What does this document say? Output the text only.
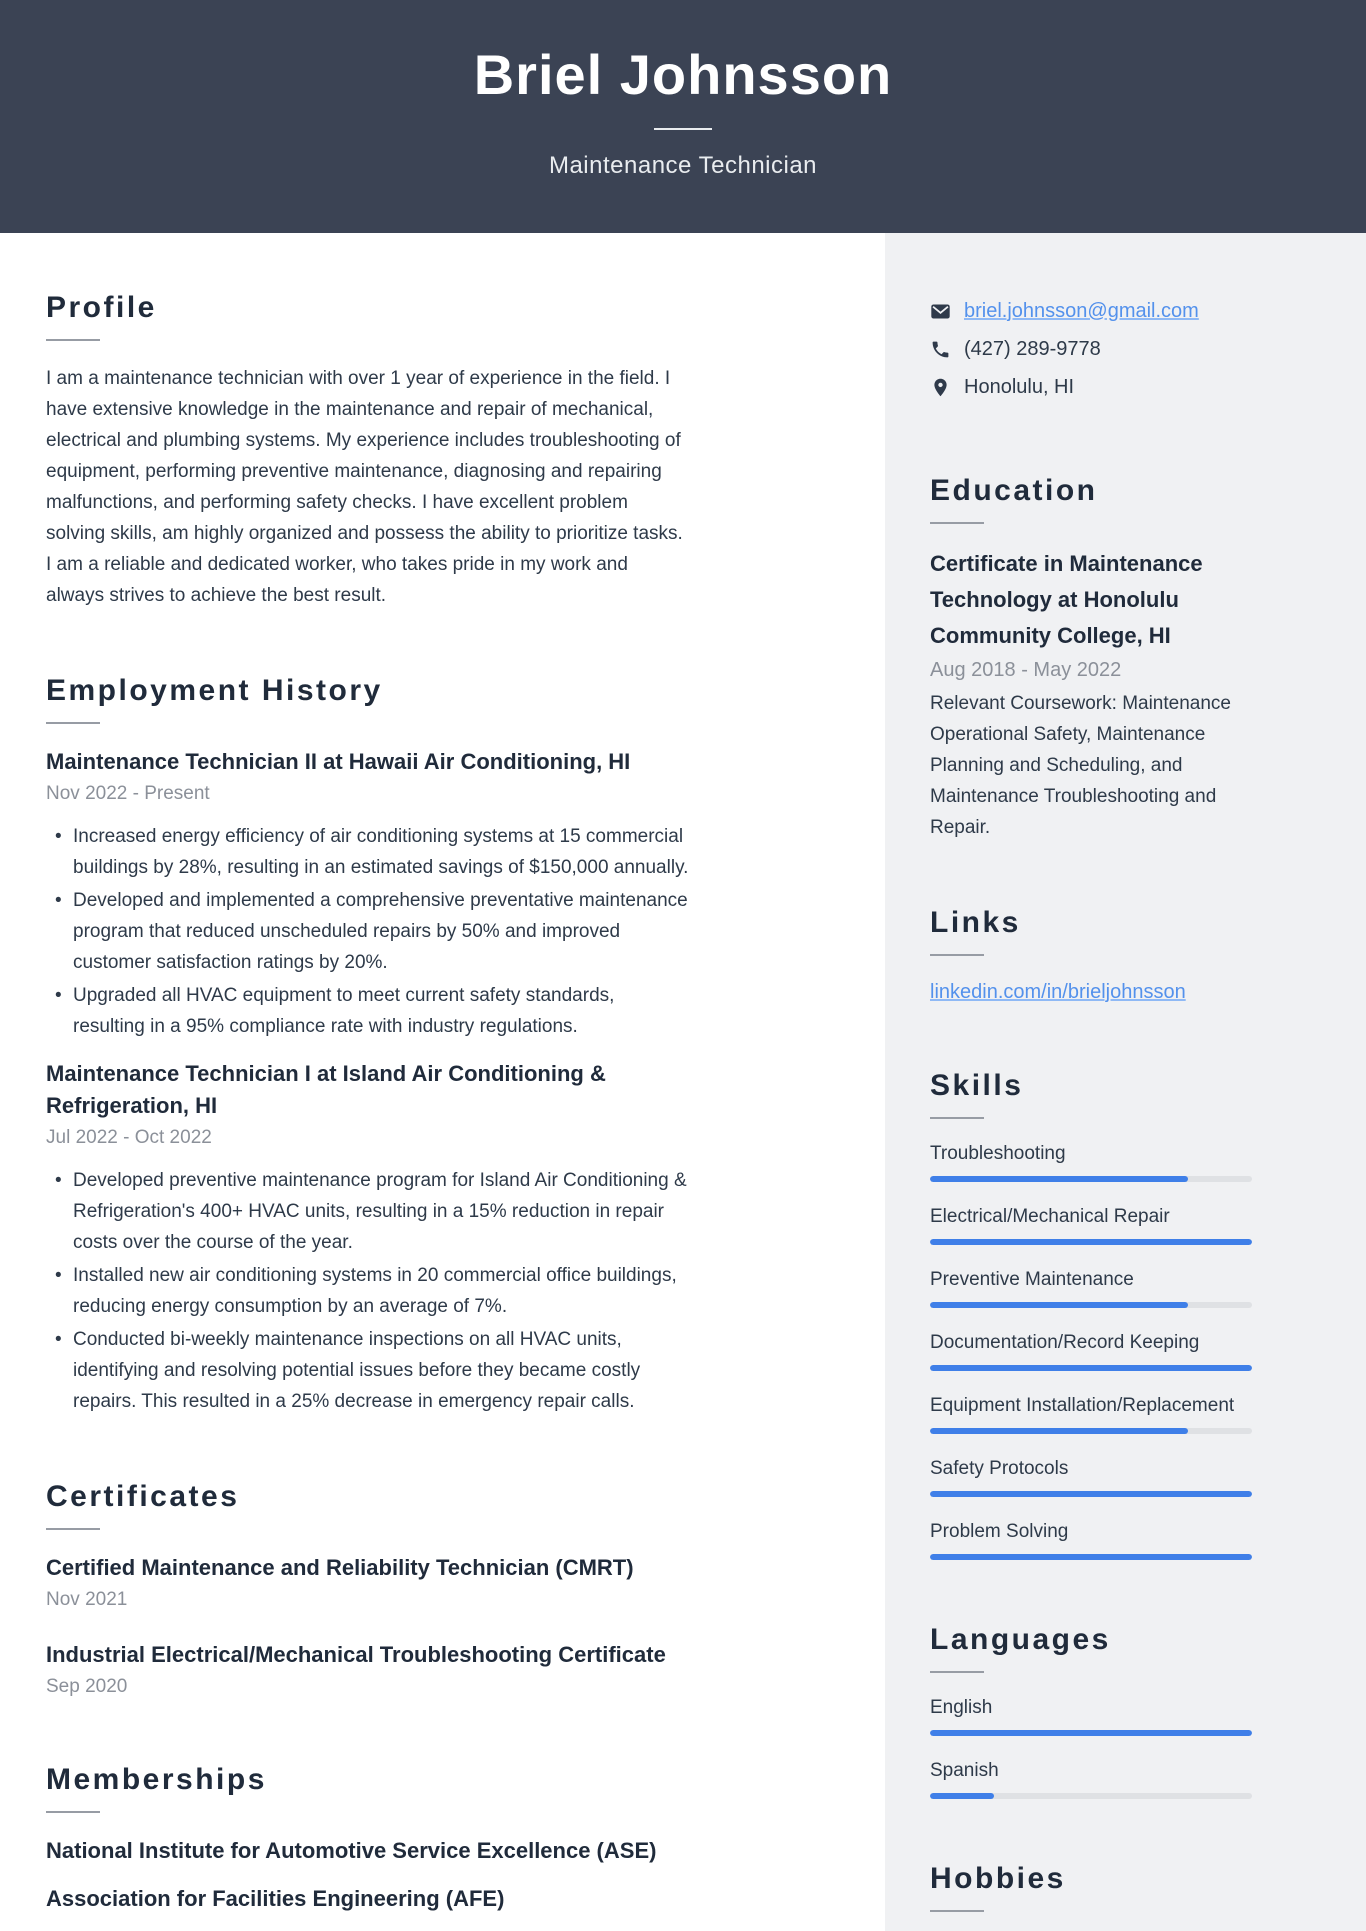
Briel Johnsson
Maintenance Technician
Profile

I am a maintenance technician with over 1 year of experience in the field. I have extensive knowledge in the maintenance and repair of mechanical, electrical and plumbing systems. My experience includes troubleshooting of equipment, performing preventive maintenance, diagnosing and repairing malfunctions, and performing safety checks. I have excellent problem solving skills, am highly organized and possess the ability to prioritize tasks. I am a reliable and dedicated worker, who takes pride in my work and always strives to achieve the best result.

Employment History
Maintenance Technician II at Hawaii Air Conditioning, HI
Nov 2022 - Present
• Increased energy efficiency of air conditioning systems at 15 commercial buildings by 28%, resulting in an estimated savings of $150,000 annually.
• Developed and implemented a comprehensive preventative maintenance program that reduced unscheduled repairs by 50% and improved customer satisfaction ratings by 20%.
• Upgraded all HVAC equipment to meet current safety standards, resulting in a 95% compliance rate with industry regulations.
Maintenance Technician I at Island Air Conditioning & Refrigeration, HI
Jul 2022 - Oct 2022
• Developed preventive maintenance program for Island Air Conditioning & Refrigeration's 400+ HVAC units, resulting in a 15% reduction in repair costs over the course of the year.
• Installed new air conditioning systems in 20 commercial office buildings, reducing energy consumption by an average of 7%.
• Conducted bi-weekly maintenance inspections on all HVAC units, identifying and resolving potential issues before they became costly repairs. This resulted in a 25% decrease in emergency repair calls.
Certificates
Certified Maintenance and Reliability Technician (CMRT)
Nov 2021
Industrial Electrical/Mechanical Troubleshooting Certificate
Sep 2020
Memberships
National Institute for Automotive Service Excellence (ASE)
Association for Facilities Engineering (AFE)
briel.johnsson@gmail.com
(427) 289-9778
Honolulu, HI
Education
Certificate in Maintenance Technology at Honolulu Community College, HI
Aug 2018 - May 2022

Relevant Coursework: Maintenance Operational Safety, Maintenance Planning and Scheduling, and Maintenance Troubleshooting and Repair.

Links
linkedin.com/in/brieljohnsson
Skills
Troubleshooting
Electrical/Mechanical Repair
Preventive Maintenance
Documentation/Record Keeping
Equipment Installation/Replacement
Safety Protocols
Problem Solving
Languages
English
Spanish
Hobbies
